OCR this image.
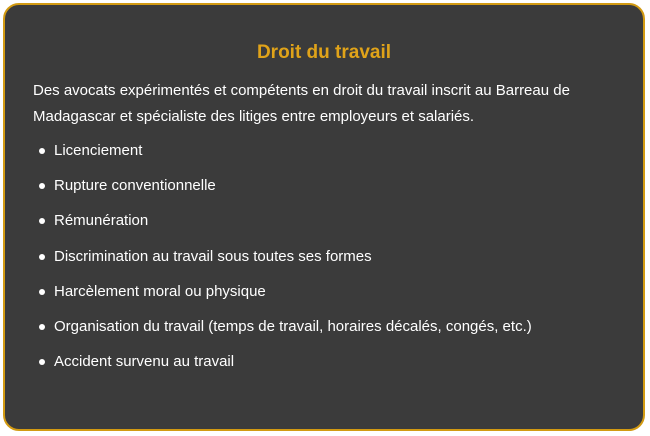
Droit du travail

Des avocats expérimentés et compétents en droit du travail inscrit au Barreau de Madagascar et spécialiste des litiges entre employeurs et salariés.

Licenciement
Rupture conventionnelle
Rémunération
Discrimination au travail sous toutes ses formes
Harcèlement moral ou physique
Organisation du travail (temps de travail, horaires décalés, congés, etc.)
Accident survenu au travail
